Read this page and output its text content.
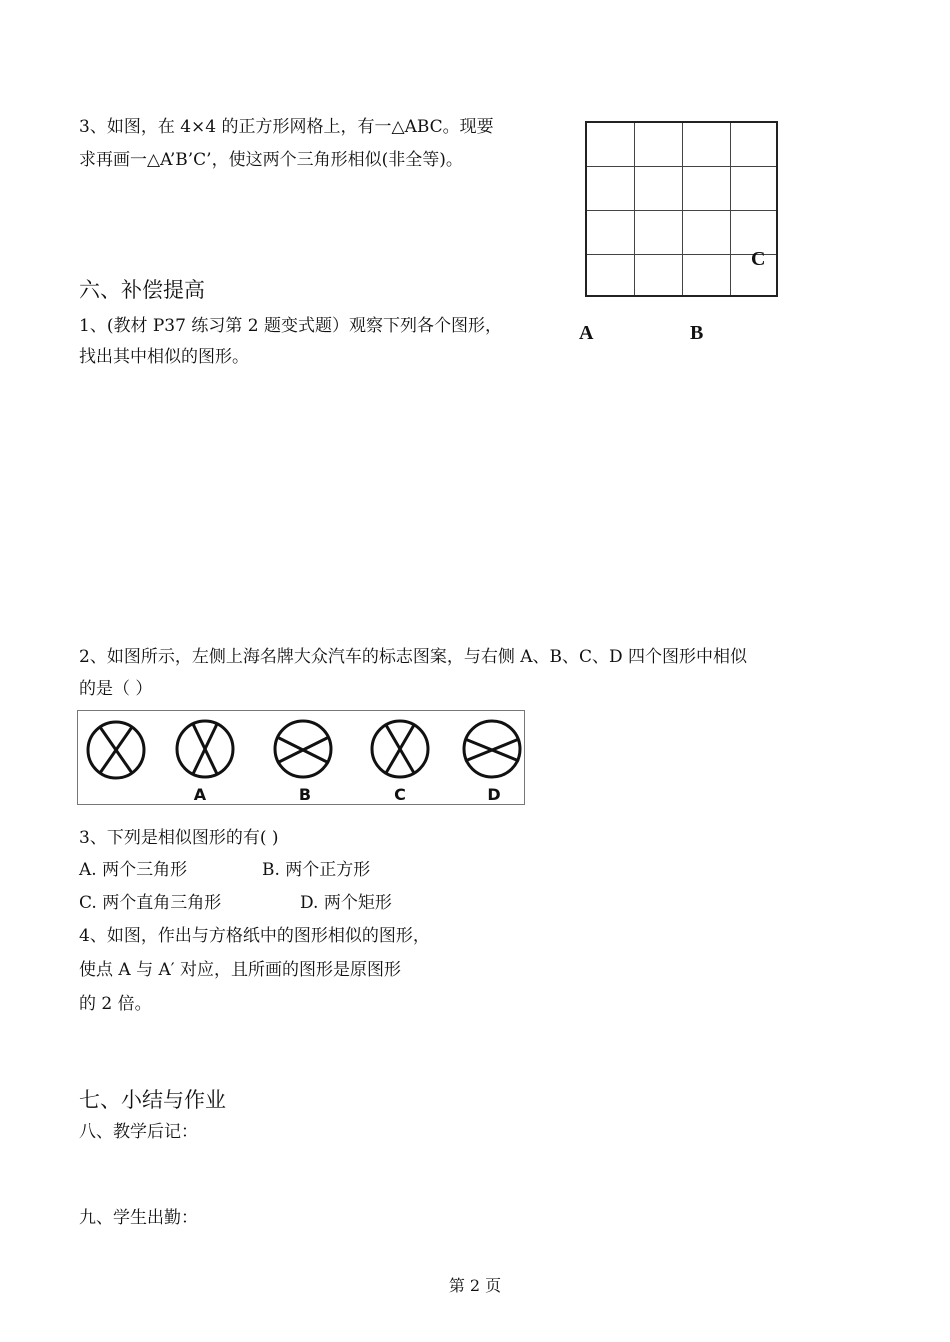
3、如图，在 4×4 的正方形网格上，有一△ABC。现要
求再画一△A’B’C’，使这两个三角形相似(非全等)。
C
A	B
六、补偿提高
1、(教材 P37 练习第 2 题变式题）观察下列各个图形，
找出其中相似的图形。
2、如图所示，左侧上海名牌大众汽车的标志图案，与右侧 A、B、C、D 四个图形中相似
的是（ ）
A	B	C	D
3、下列是相似图形的有( )
A. 两个三角形	B. 两个正方形
C. 两个直角三角形	D. 两个矩形
4、如图，作出与方格纸中的图形相似的图形，
使点 A 与 A′ 对应，且所画的图形是原图形
的 2 倍。
七、小结与作业
八、教学后记：
九、学生出勤：
第 2 页
